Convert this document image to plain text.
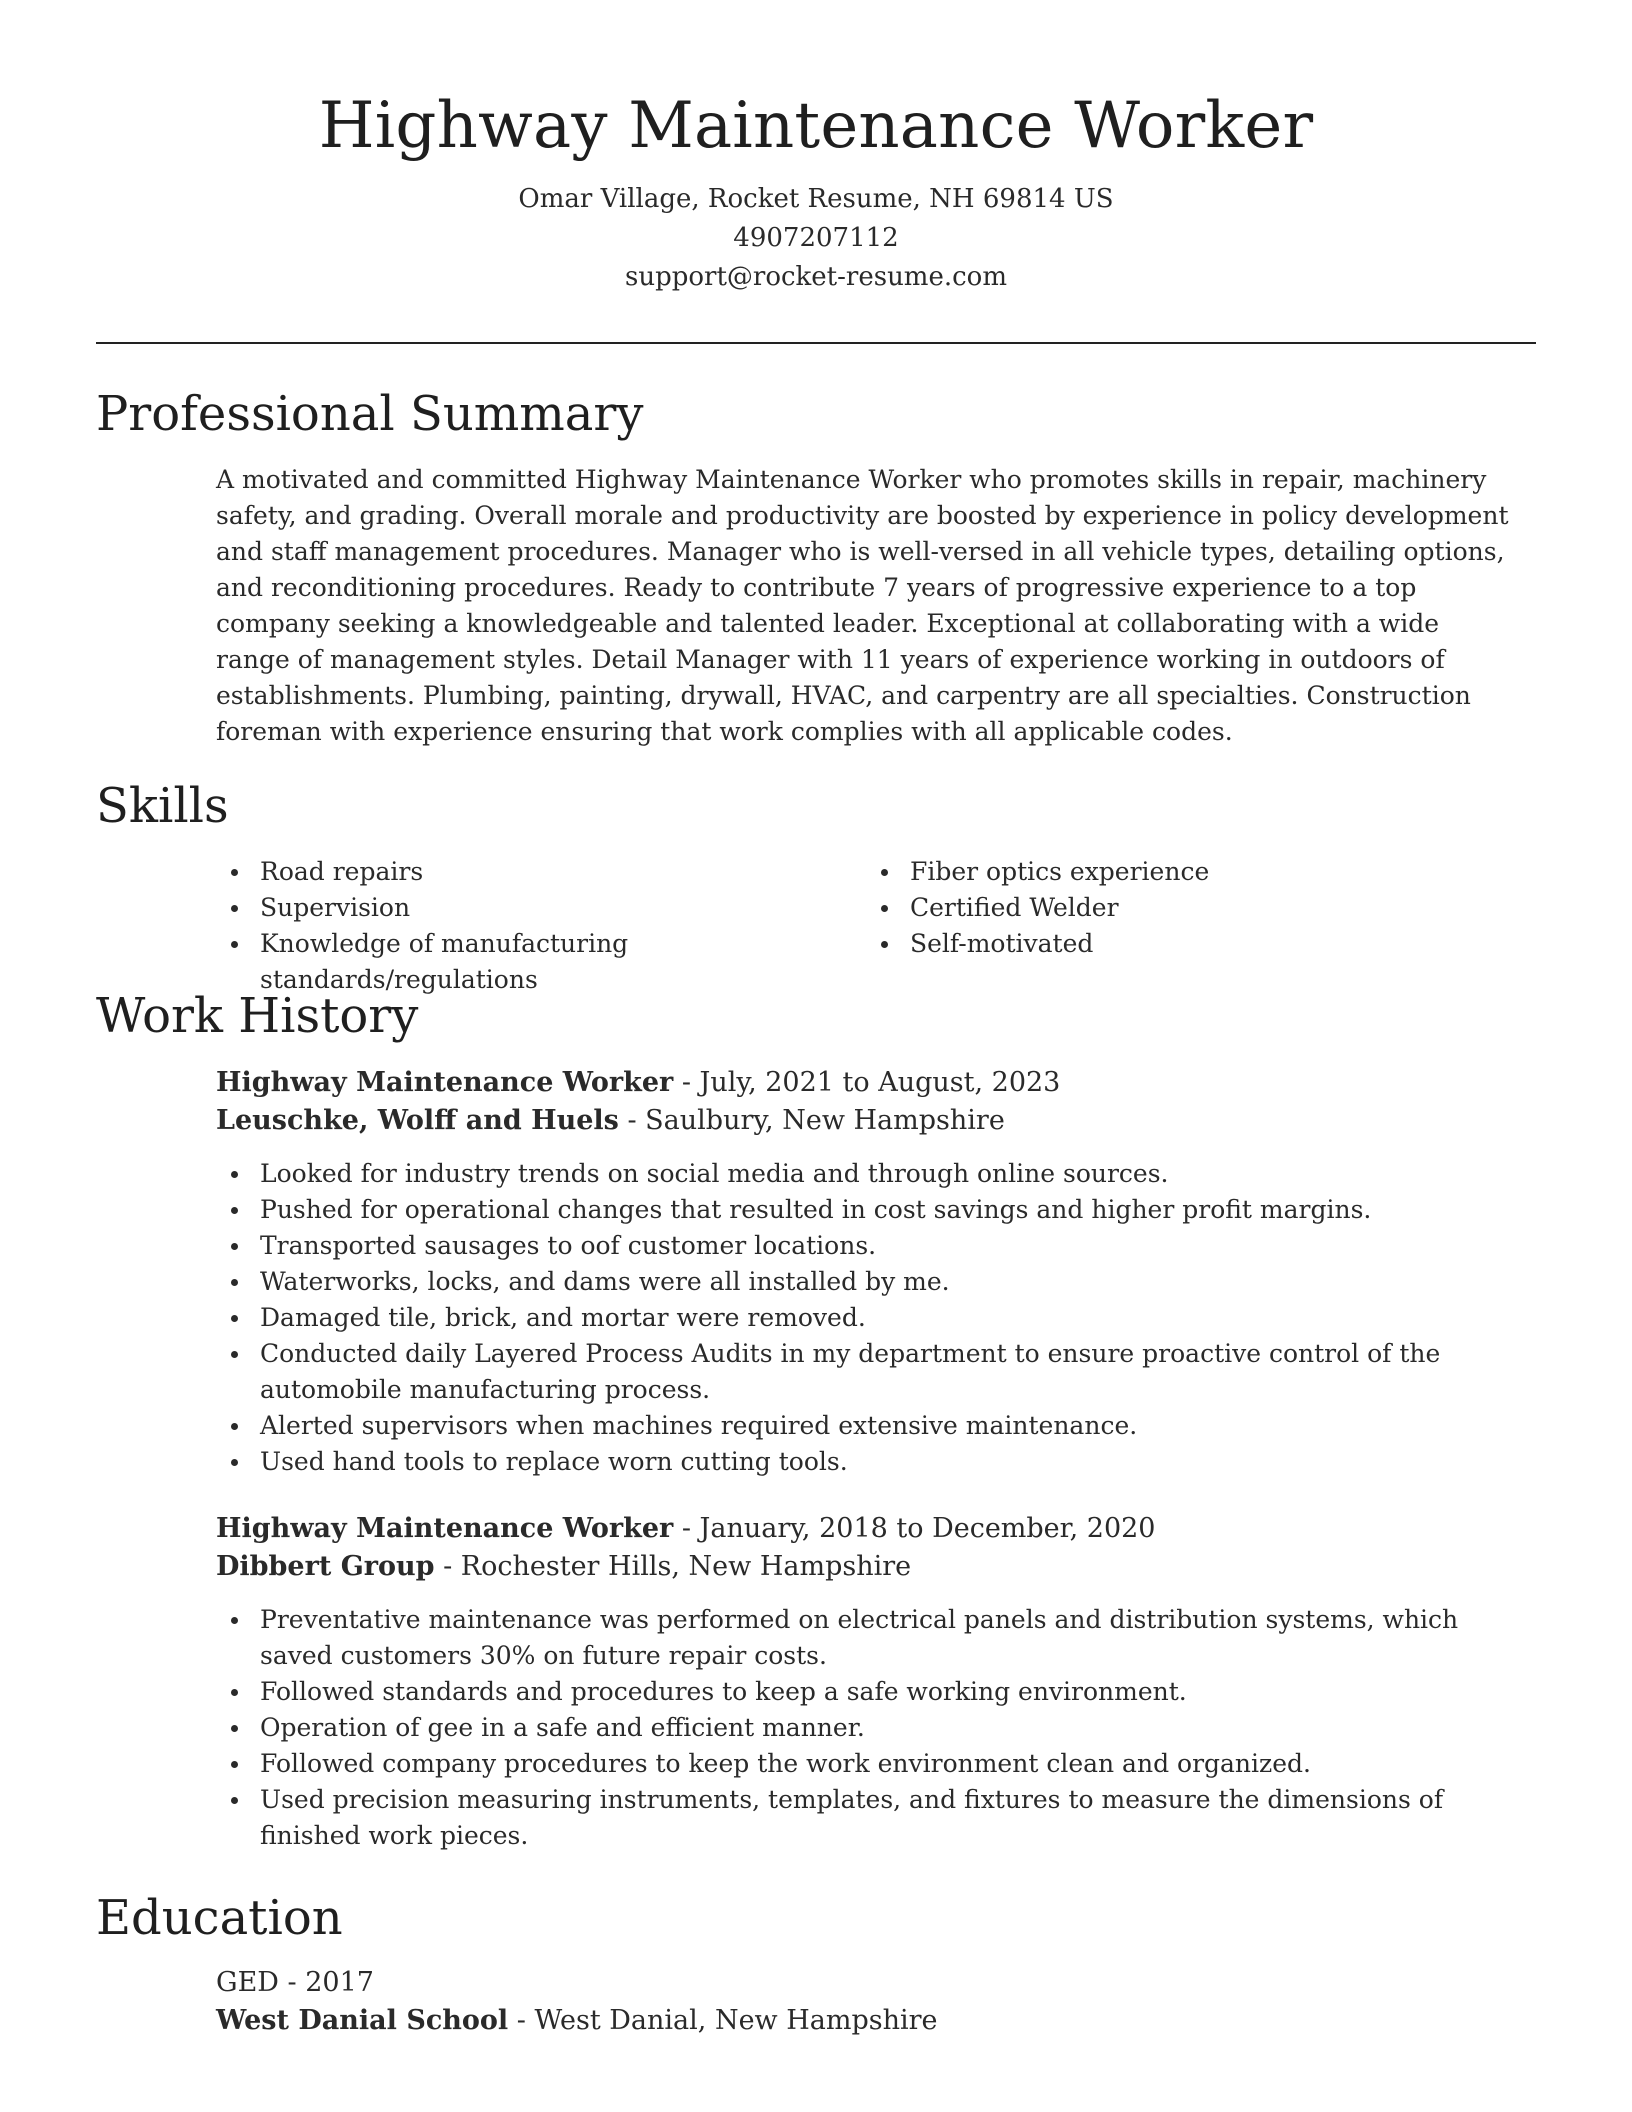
Highway Maintenance Worker
Omar Village, Rocket Resume, NH 69814 US
4907207112
support@rocket-resume.com
Professional Summary
A motivated and committed Highway Maintenance Worker who promotes skills in repair, machinery safety, and grading. Overall morale and productivity are boosted by experience in policy development and staff management procedures. Manager who is well-versed in all vehicle types, detailing options, and reconditioning procedures. Ready to contribute 7 years of progressive experience to a top company seeking a knowledgeable and talented leader. Exceptional at collaborating with a wide range of management styles. Detail Manager with 11 years of experience working in outdoors of establishments. Plumbing, painting, drywall, HVAC, and carpentry are all specialties. Construction foreman with experience ensuring that work complies with all applicable codes.
Skills
Road repairs
Supervision
Knowledge of manufacturing standards/regulations
Fiber optics experience
Certified Welder
Self-motivated
Work History
Highway Maintenance Worker - July, 2021 to August, 2023
Leuschke, Wolff and Huels - Saulbury, New Hampshire
Looked for industry trends on social media and through online sources.
Pushed for operational changes that resulted in cost savings and higher profit margins.
Transported sausages to oof customer locations.
Waterworks, locks, and dams were all installed by me.
Damaged tile, brick, and mortar were removed.
Conducted daily Layered Process Audits in my department to ensure proactive control of the automobile manufacturing process.
Alerted supervisors when machines required extensive maintenance.
Used hand tools to replace worn cutting tools.
Highway Maintenance Worker - January, 2018 to December, 2020
Dibbert Group - Rochester Hills, New Hampshire
Preventative maintenance was performed on electrical panels and distribution systems, which saved customers 30% on future repair costs.
Followed standards and procedures to keep a safe working environment.
Operation of gee in a safe and efficient manner.
Followed company procedures to keep the work environment clean and organized.
Used precision measuring instruments, templates, and fixtures to measure the dimensions of finished work pieces.
Education
GED - 2017
West Danial School - West Danial, New Hampshire
